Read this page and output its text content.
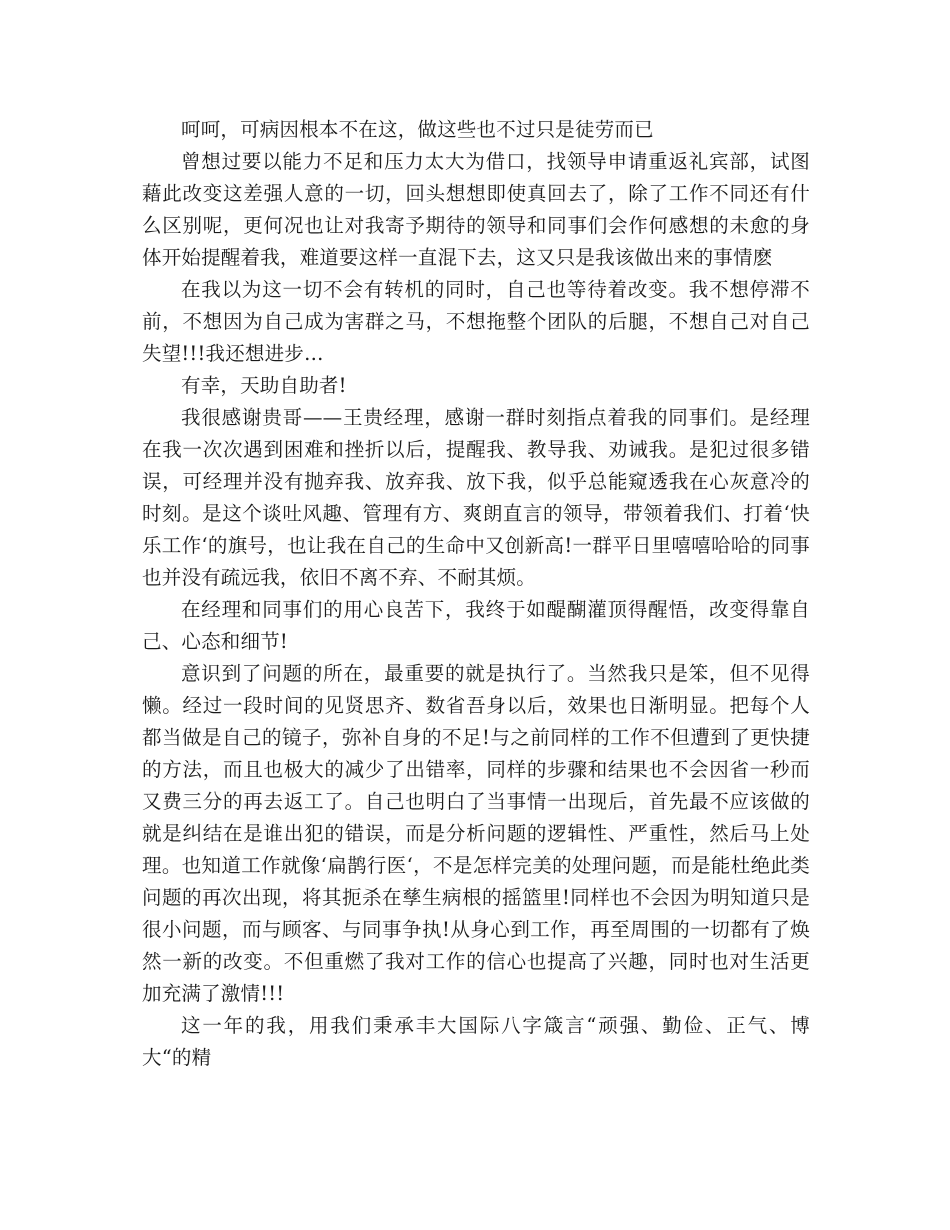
呵呵，可病因根本不在这，做这些也不过只是徒劳而已

曾想过要以能力不足和压力太大为借口，找领导申请重返礼宾部，试图藉此改变这差强人意的一切，回头想想即使真回去了，除了工作不同还有什么区别呢，更何况也让对我寄予期待的领导和同事们会作何感想的未愈的身体开始提醒着我，难道要这样一直混下去，这又只是我该做出来的事情麽

在我以为这一切不会有转机的同时，自己也等待着改变。我不想停滞不前，不想因为自己成为害群之马，不想拖整个团队的后腿，不想自己对自己失望!!!我还想进步…

有幸，天助自助者!

我很感谢贵哥——王贵经理，感谢一群时刻指点着我的同事们。是经理在我一次次遇到困难和挫折以后，提醒我、教导我、劝诫我。是犯过很多错误，可经理并没有抛弃我、放弃我、放下我，似乎总能窥透我在心灰意冷的时刻。是这个谈吐风趣、管理有方、爽朗直言的领导，带领着我们、打着‘快乐工作‘的旗号，也让我在自己的生命中又创新高!一群平日里嘻嘻哈哈的同事也并没有疏远我，依旧不离不弃、不耐其烦。

在经理和同事们的用心良苦下，我终于如醍醐灌顶得醒悟，改变得靠自己、心态和细节!

意识到了问题的所在，最重要的就是执行了。当然我只是笨，但不见得懒。经过一段时间的见贤思齐、数省吾身以后，效果也日渐明显。把每个人都当做是自己的镜子，弥补自身的不足!与之前同样的工作不但遭到了更快捷的方法，而且也极大的减少了出错率，同样的步骤和结果也不会因省一秒而又费三分的再去返工了。自己也明白了当事情一出现后，首先最不应该做的就是纠结在是谁出犯的错误，而是分析问题的逻辑性、严重性，然后马上处理。也知道工作就像‘扁鹊行医‘，不是怎样完美的处理问题，而是能杜绝此类问题的再次出现，将其扼杀在孳生病根的摇篮里!同样也不会因为明知道只是很小问题，而与顾客、与同事争执!从身心到工作，再至周围的一切都有了焕然一新的改变。不但重燃了我对工作的信心也提高了兴趣，同时也对生活更加充满了激情!!!

这一年的我，用我们秉承丰大国际八字箴言“顽强、勤俭、正气、博大“的精
